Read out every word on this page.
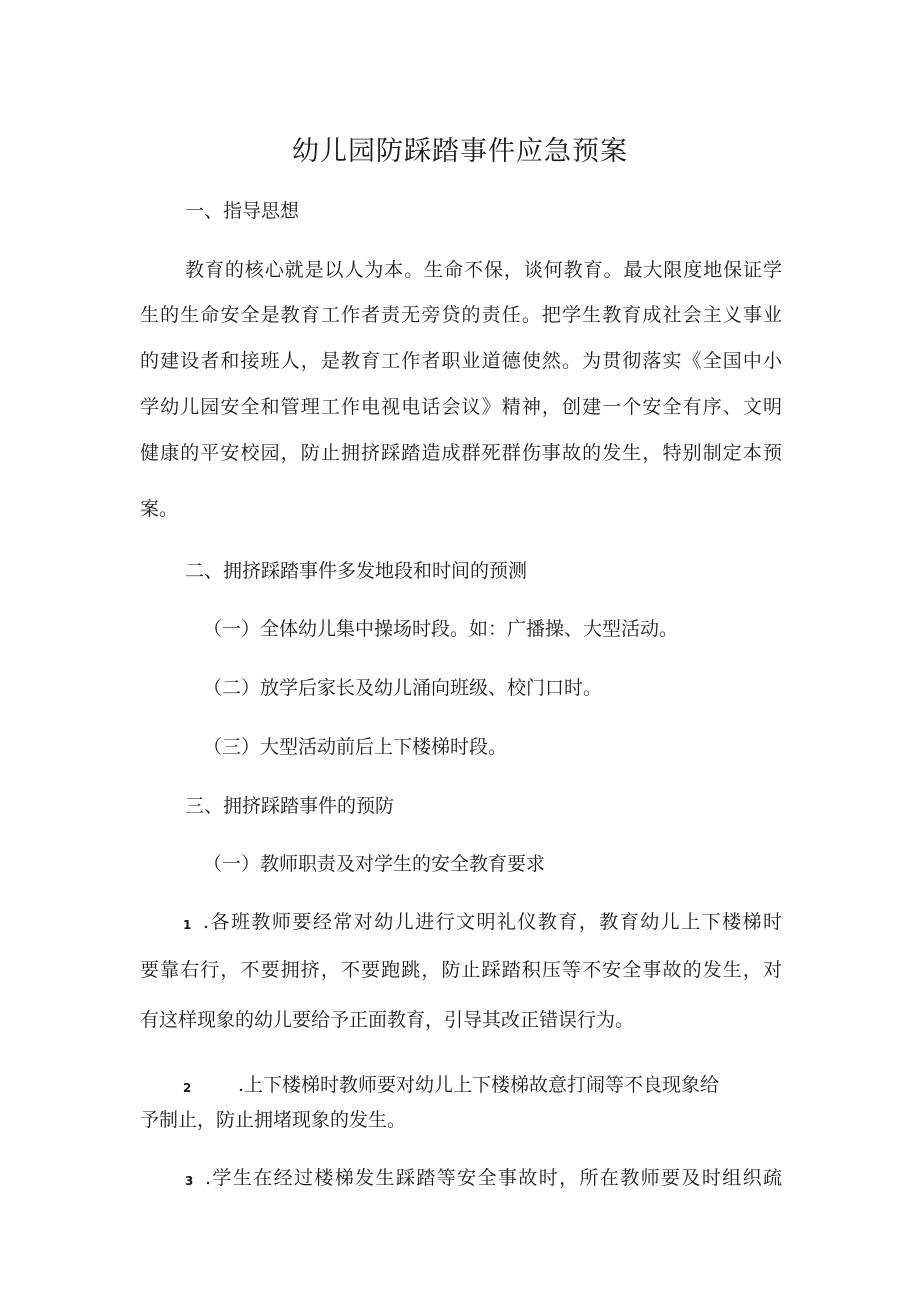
幼儿园防踩踏事件应急预案

一、指导思想

教育的核心就是以人为本。生命不保，谈何教育。最大限度地保证学

生的生命安全是教育工作者责无旁贷的责任。把学生教育成社会主义事业

的建设者和接班人，是教育工作者职业道德使然。为贯彻落实《全国中小

学幼儿园安全和管理工作电视电话会议》精神，创建一个安全有序、文明

健康的平安校园，防止拥挤踩踏造成群死群伤事故的发生，特别制定本预

案。

二、拥挤踩踏事件多发地段和时间的预测

（一）全体幼儿集中操场时段。如：广播操、大型活动。

（二）放学后家长及幼儿涌向班级、校门口时。

（三）大型活动前后上下楼梯时段。

三、拥挤踩踏事件的预防

（一）教师职责及对学生的安全教育要求

1 .各班教师要经常对幼儿进行文明礼仪教育，教育幼儿上下楼梯时

要靠右行，不要拥挤，不要跑跳，防止踩踏积压等不安全事故的发生，对

有这样现象的幼儿要给予正面教育，引导其改正错误行为。

2 .上下楼梯时教师要对幼儿上下楼梯故意打闹等不良现象给

予制止，防止拥堵现象的发生。

3 .学生在经过楼梯发生踩踏等安全事故时，所在教师要及时组织疏
